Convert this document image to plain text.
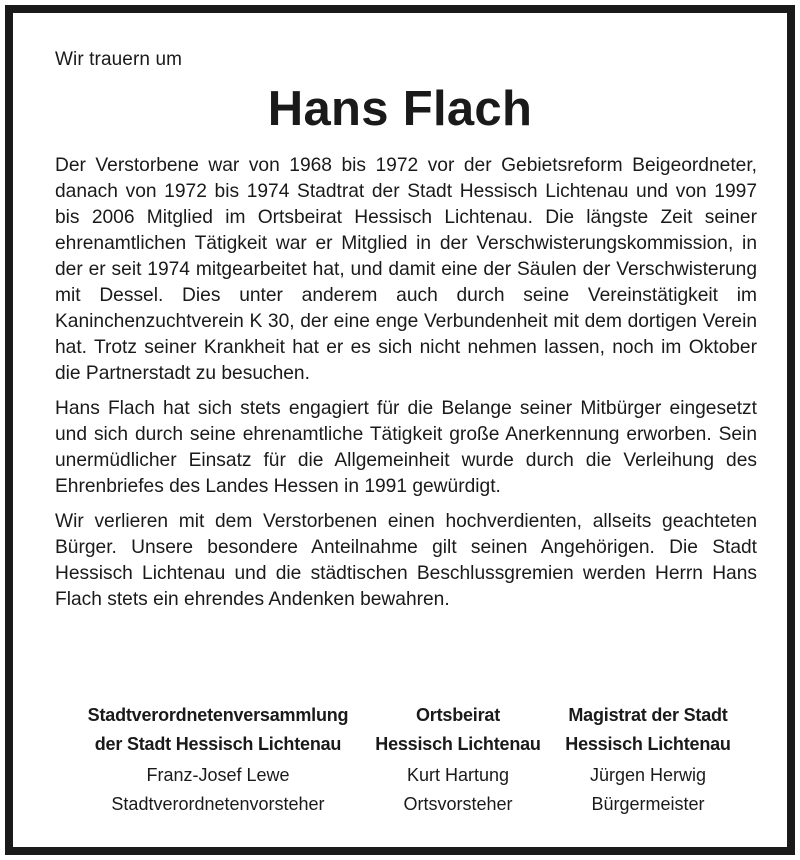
Wir trauern um
Hans Flach

Der Verstorbene war von 1968 bis 1972 vor der Gebietsreform Beigeordneter, danach von 1972 bis 1974 Stadtrat der Stadt Hessisch Lichtenau und von 1997 bis 2006 Mitglied im Ortsbeirat Hessisch Lichtenau. Die längste Zeit seiner ehrenamtlichen Tätigkeit war er Mitglied in der Verschwisterungskommission, in der er seit 1974 mitgearbeitet hat, und damit eine der Säulen der Verschwisterung mit Dessel. Dies unter anderem auch durch seine Vereinstätigkeit im Kaninchenzuchtverein K 30, der eine enge Verbundenheit mit dem dortigen Verein hat. Trotz seiner Krankheit hat er es sich nicht nehmen lassen, noch im Oktober die Partnerstadt zu besuchen.

Hans Flach hat sich stets engagiert für die Belange seiner Mitbürger eingesetzt und sich durch seine ehrenamtliche Tätigkeit große Anerkennung erworben. Sein unermüdlicher Einsatz für die Allgemeinheit wurde durch die Verleihung des Ehrenbriefes des Landes Hessen in 1991 gewürdigt.

Wir verlieren mit dem Verstorbenen einen hochverdienten, allseits geachteten Bürger. Unsere besondere Anteilnahme gilt seinen Angehörigen. Die Stadt Hessisch Lichtenau und die städtischen Beschlussgremien werden Herrn Hans Flach stets ein ehrendes Andenken bewahren.

Stadtverordnetenversammlung
der Stadt Hessisch Lichtenau
Franz-Josef Lewe
Stadtverordnetenvorsteher
Ortsbeirat
Hessisch Lichtenau
Kurt Hartung
Ortsvorsteher
Magistrat der Stadt
Hessisch Lichtenau
Jürgen Herwig
Bürgermeister
